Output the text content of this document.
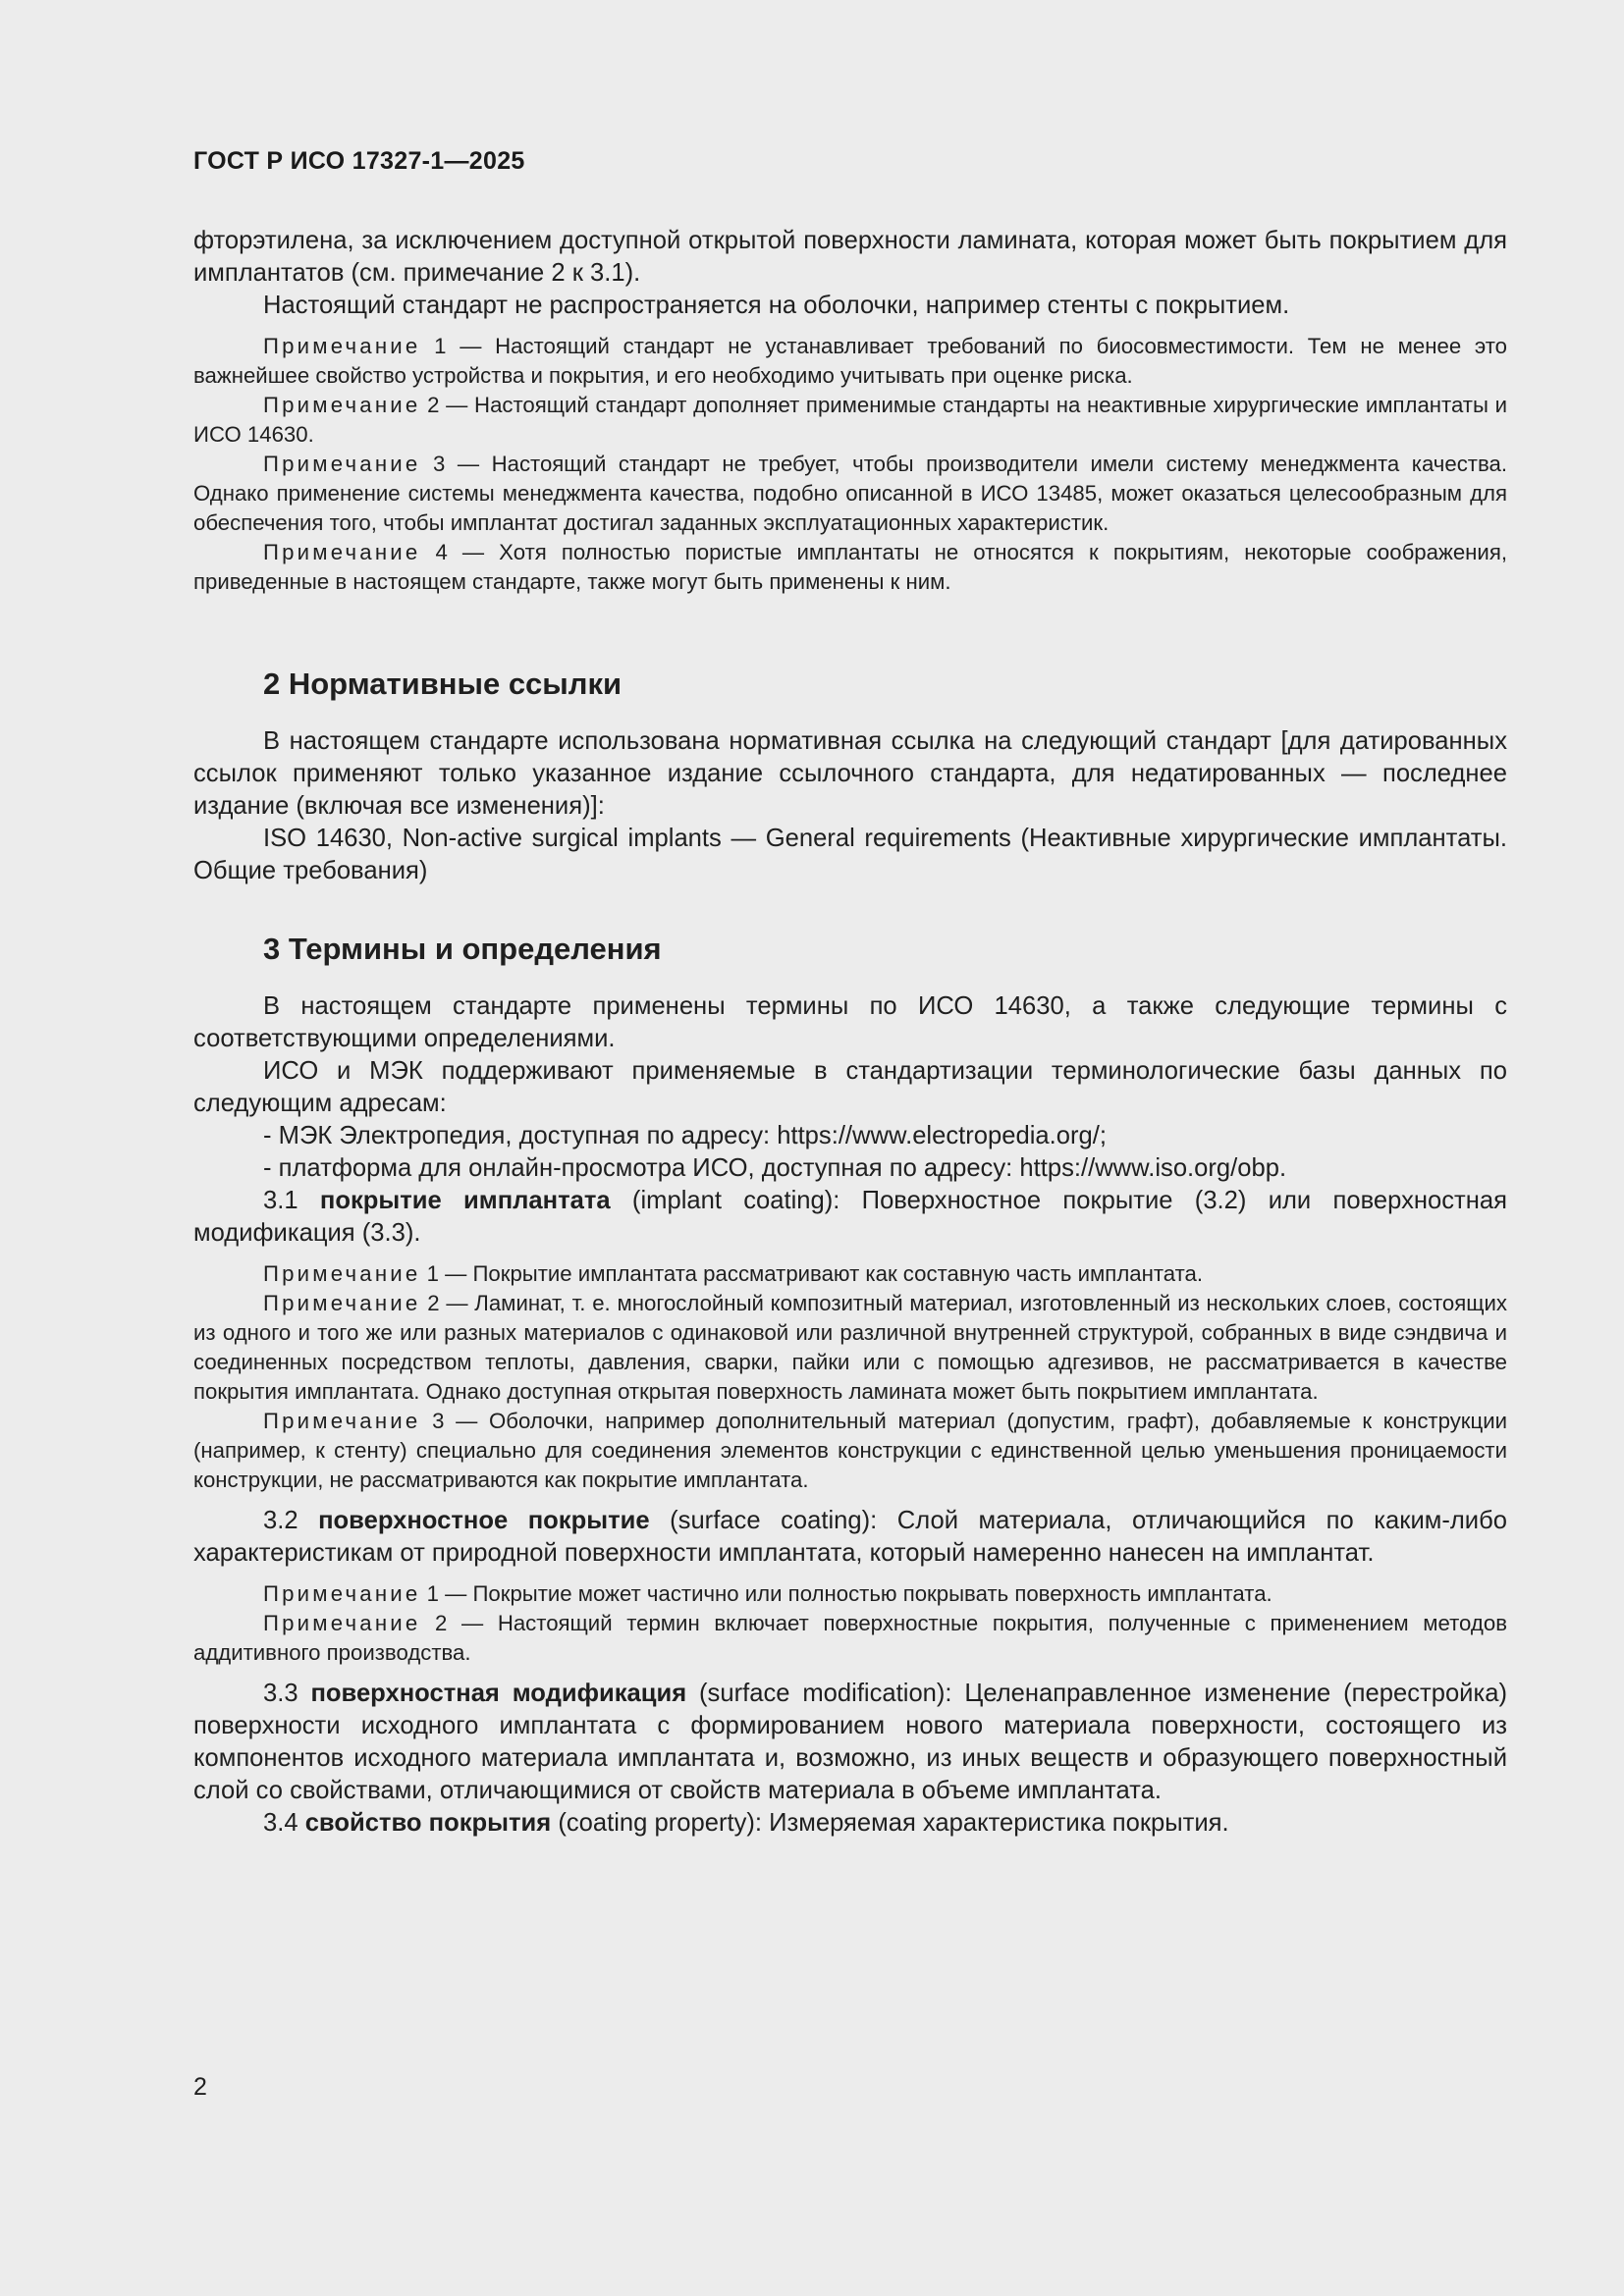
ГОСТ Р ИСО 17327-1—2025

фторэтилена, за исключением доступной открытой поверхности ламината, которая может быть покрытием для имплантатов (см. примечание 2 к 3.1).

Настоящий стандарт не распространяется на оболочки, например стенты с покрытием.

Примечание 1 — Настоящий стандарт не устанавливает требований по биосовместимости. Тем не менее это важнейшее свойство устройства и покрытия, и его необходимо учитывать при оценке риска.

Примечание 2 — Настоящий стандарт дополняет применимые стандарты на неактивные хирургические имплантаты и ИСО 14630.

Примечание 3 — Настоящий стандарт не требует, чтобы производители имели систему менеджмента качества. Однако применение системы менеджмента качества, подобно описанной в ИСО 13485, может оказаться целесообразным для обеспечения того, чтобы имплантат достигал заданных эксплуатационных характеристик.

Примечание 4 — Хотя полностью пористые имплантаты не относятся к покрытиям, некоторые соображения, приведенные в настоящем стандарте, также могут быть применены к ним.

2 Нормативные ссылки

В настоящем стандарте использована нормативная ссылка на следующий стандарт [для датированных ссылок применяют только указанное издание ссылочного стандарта, для недатированных — последнее издание (включая все изменения)]:

ISO 14630, Non-active surgical implants — General requirements (Неактивные хирургические имплантаты. Общие требования)

3 Термины и определения

В настоящем стандарте применены термины по ИСО 14630, а также следующие термины с соответствующими определениями.

ИСО и МЭК поддерживают применяемые в стандартизации терминологические базы данных по следующим адресам:

- МЭК Электропедия, доступная по адресу: https://www.electropedia.org/;

- платформа для онлайн-просмотра ИСО, доступная по адресу: https://www.iso.org/obp.

3.1 покрытие имплантата (implant coating): Поверхностное покрытие (3.2) или поверхностная модификация (3.3).

Примечание 1 — Покрытие имплантата рассматривают как составную часть имплантата.

Примечание 2 — Ламинат, т. е. многослойный композитный материал, изготовленный из нескольких слоев, состоящих из одного и того же или разных материалов с одинаковой или различной внутренней структурой, собранных в виде сэндвича и соединенных посредством теплоты, давления, сварки, пайки или с помощью адгезивов, не рассматривается в качестве покрытия имплантата. Однако доступная открытая поверхность ламината может быть покрытием имплантата.

Примечание 3 — Оболочки, например дополнительный материал (допустим, графт), добавляемые к конструкции (например, к стенту) специально для соединения элементов конструкции с единственной целью уменьшения проницаемости конструкции, не рассматриваются как покрытие имплантата.

3.2 поверхностное покрытие (surface coating): Слой материала, отличающийся по каким-либо характеристикам от природной поверхности имплантата, который намеренно нанесен на имплантат.

Примечание 1 — Покрытие может частично или полностью покрывать поверхность имплантата.

Примечание 2 — Настоящий термин включает поверхностные покрытия, полученные с применением методов аддитивного производства.

3.3 поверхностная модификация (surface modification): Целенаправленное изменение (перестройка) поверхности исходного имплантата с формированием нового материала поверхности, состоящего из компонентов исходного материала имплантата и, возможно, из иных веществ и образующего поверхностный слой со свойствами, отличающимися от свойств материала в объеме имплантата.

3.4 свойство покрытия (coating property): Измеряемая характеристика покрытия.

2
